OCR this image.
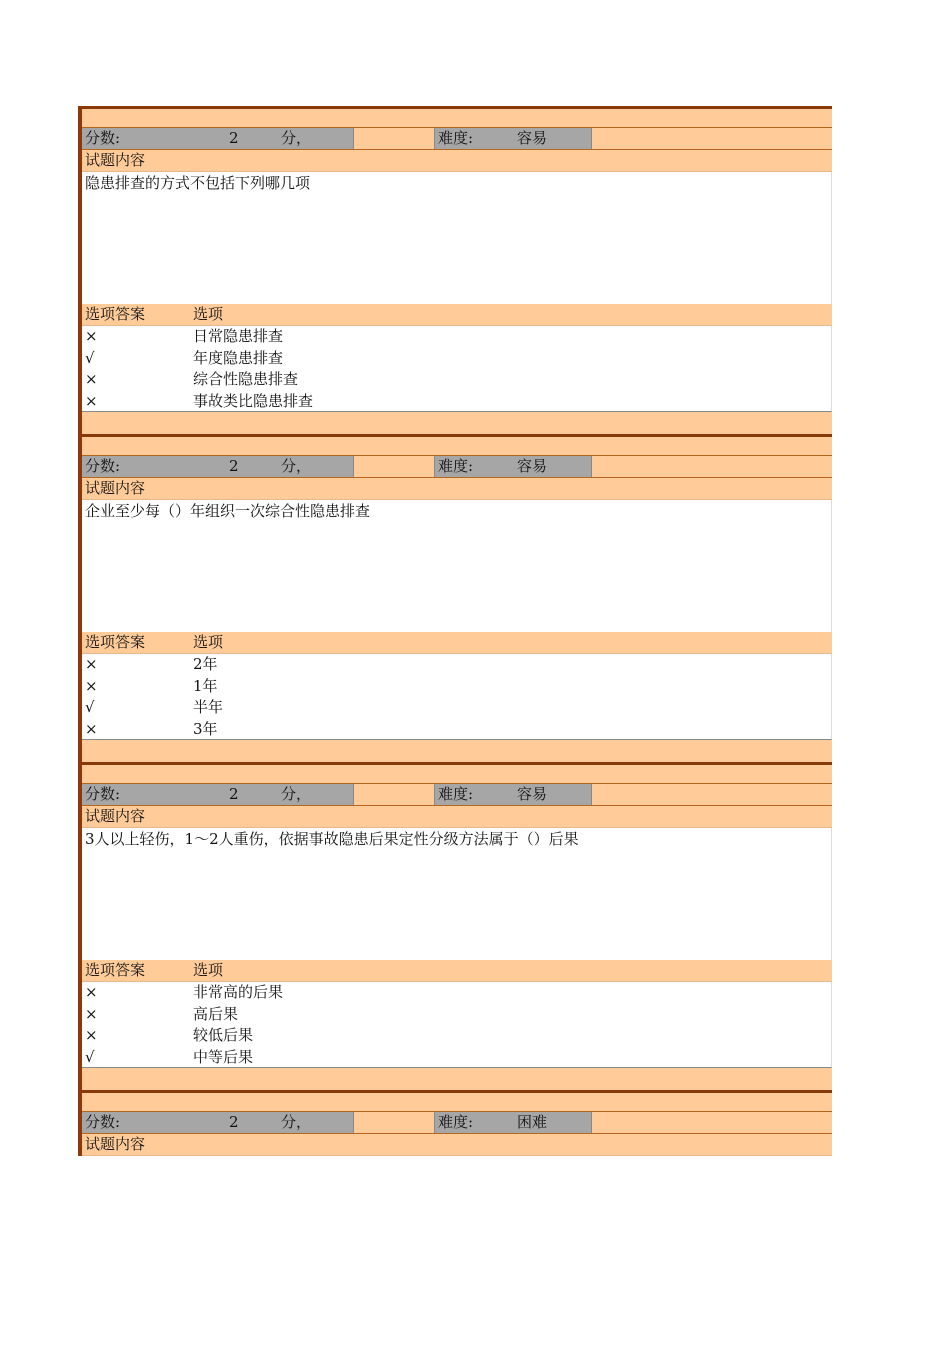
分数:	2	分，	难度:	容易
试题内容
隐患排查的方式不包括下列哪几项
选项答案	选项
×	日常隐患排查
√	年度隐患排查
×	综合性隐患排查
×	事故类比隐患排查
分数:	2	分，	难度:	容易
试题内容
企业至少每（）年组织一次综合性隐患排查
选项答案	选项
×	2年
×	1年
√	半年
×	3年
分数:	2	分，	难度:	容易
试题内容
3人以上轻伤，1～2人重伤，依据事故隐患后果定性分级方法属于（）后果
选项答案	选项
×	非常高的后果
×	高后果
×	较低后果
√	中等后果
分数:	2	分，	难度:	困难
试题内容
